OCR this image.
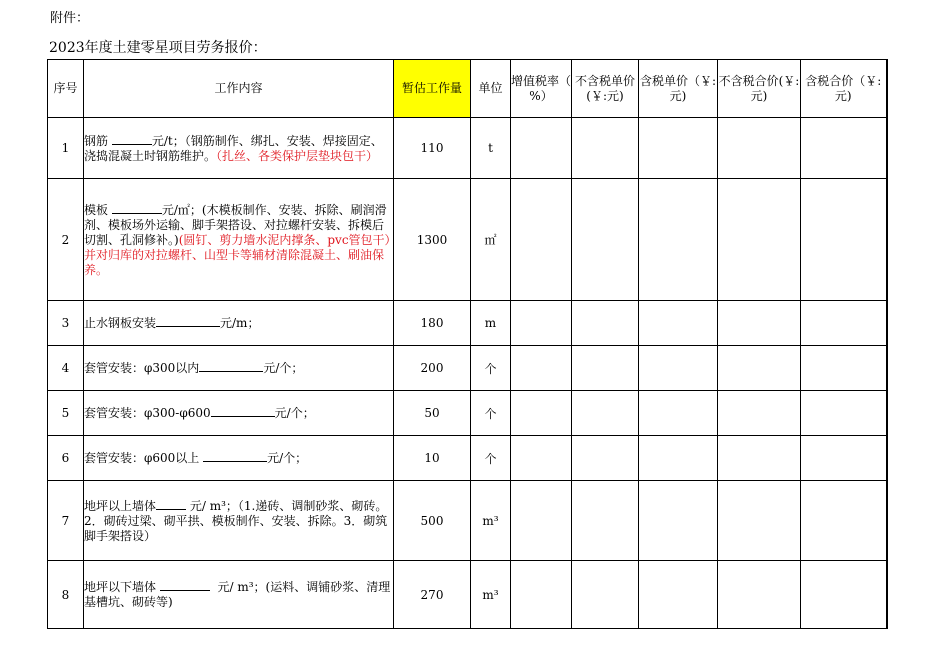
附件：
2023年度土建零星项目劳务报价：
序号	工作内容	暂估工作量	单位	增值税率（ %）	不含税单价(￥:元)	含税单价（￥:元)	不含税合价(￥:元)	含税合价（￥:元)
1	钢筋 元/t；（钢筋制作、绑扎、安装、焊接固定、浇捣混凝土时钢筋维护。（扎丝、各类保护层垫块包干）	110	t					
2	模板 元/㎡；(木模板制作、安装、拆除、刷润滑剂、模板场外运输、脚手架搭设、对拉螺杆安装、拆模后切割、孔洞修补。)(圆钉、剪力墙水泥内撑条、pvc管包干）并对归库的对拉螺杆、山型卡等辅材清除混凝土、刷油保养。	1300	㎡					
3	止水钢板安装 元/m；	180	m					
4	套管安装：φ300以内 元/个；	200	个					
5	套管安装：φ300-φ600 元/个；	50	个					
6	套管安装：φ600以上 元/个；	10	个					
7	地坪以上墙体 元/ m³；（1.递砖、调制砂浆、砌砖。2．砌砖过梁、砌平拱、模板制作、安装、拆除。3．砌筑脚手架搭设）	500	m³					
8	地坪以下墙体 元/ m³；(运料、调铺砂浆、清理基槽坑、砌砖等)	270	m³					
